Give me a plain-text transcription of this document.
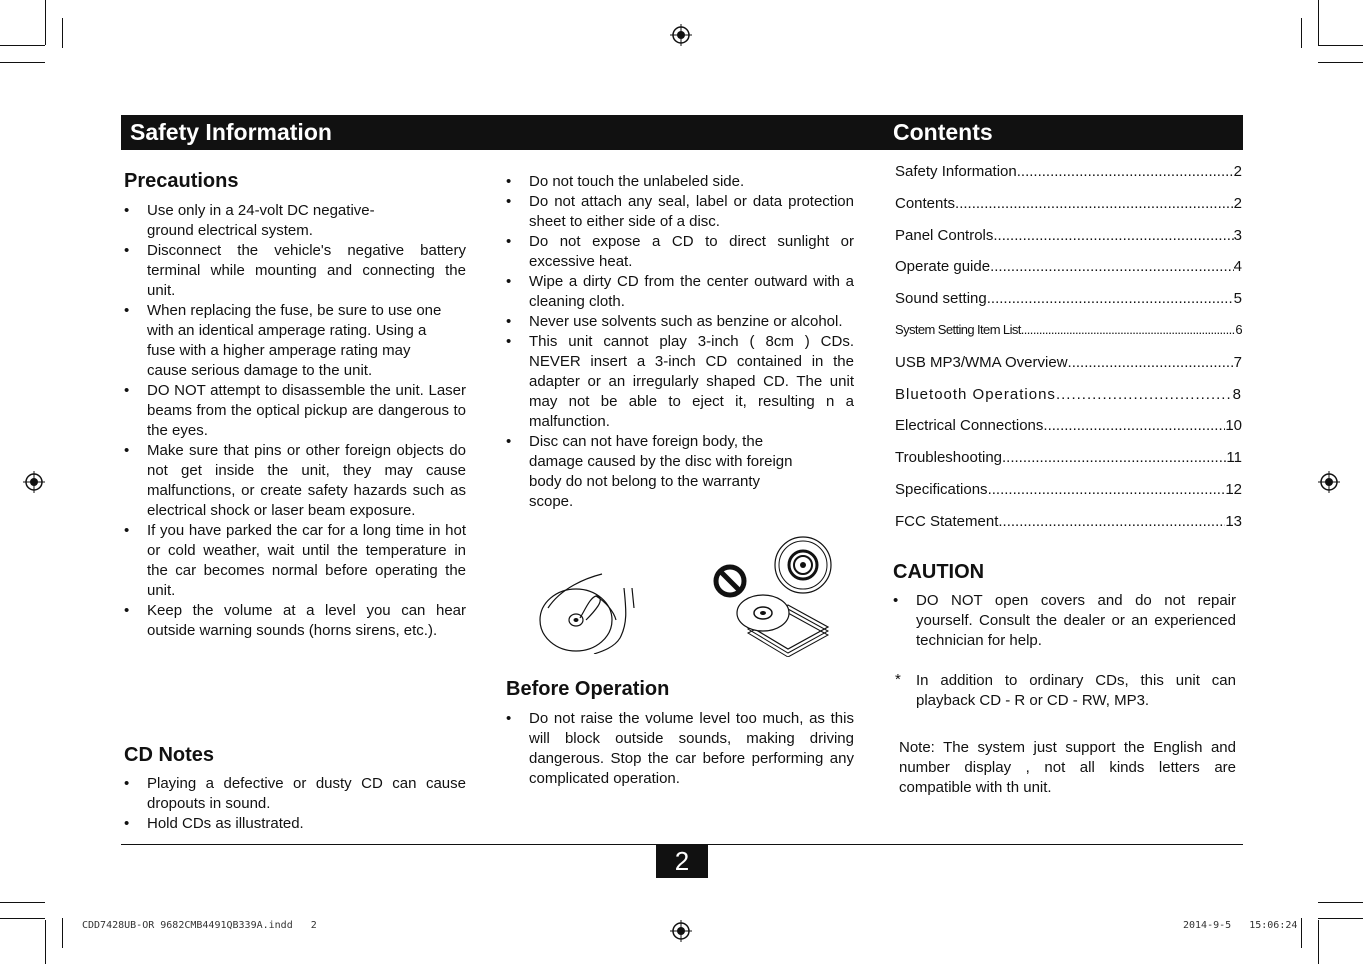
Safety Information	Contents
Precautions
• Use only in a 24-volt DC negative-ground electrical system.
• Disconnect the vehicle's negative battery terminal while mounting and connecting the unit.
• When replacing the fuse, be sure to use one with an identical amperage rating. Using a fuse with a higher amperage rating may cause serious damage to the unit.
• DO NOT attempt to disassemble the unit. Laser beams from the optical pickup are dangerous to the eyes.
• Make sure that pins or other foreign objects do not get inside the unit, they may cause malfunctions, or create safety hazards such as electrical shock or laser beam exposure.
• If you have parked the car for a long time in hot or cold weather, wait until the temperature in the car becomes normal before operating the unit.
• Keep the volume at a level you can hear outside warning sounds (horns sirens, etc.).
CD Notes
• Playing a defective or dusty CD can cause dropouts in sound.
• Hold CDs as illustrated.
• Do not touch the unlabeled side.
• Do not attach any seal, label or data protection sheet to either side of a disc.
• Do not expose a CD to direct sunlight or excessive heat.
• Wipe a dirty CD from the center outward with a cleaning cloth.
• Never use solvents such as benzine or alcohol.
• This unit cannot play 3-inch ( 8cm ) CDs. NEVER insert a 3-inch CD contained in the adapter or an irregularly shaped CD. The unit may not be able to eject it, resulting n a malfunction.
• Disc can not have foreign body, the damage caused by the disc with foreign body do not belong to the warranty scope.
Before Operation
• Do not raise the volume level too much, as this will block outside sounds, making driving dangerous. Stop the car before performing any complicated operation.
Safety Information .....	2
Contents .....	2
Panel Controls .....	3
Operate guide .....	4
Sound setting .....	5
System Setting Item List .....	6
USB MP3/WMA Overview .....	7
Bluetooth Operations .....	8
Electrical Connections .....	10
Troubleshooting .....	11
Specifications .....	12
FCC Statement .....	13
CAUTION
• DO NOT open covers and do not repair yourself. Consult the dealer or an experienced technician for help.
* In addition to ordinary CDs, this unit can playback CD - R or CD - RW, MP3.
Note: The system just support the English and number display , not all kinds letters are compatible with th unit.
2
CDD7428UB-OR 9682CMB4491QB339A.indd   2	2014-9-5   15:06:24
